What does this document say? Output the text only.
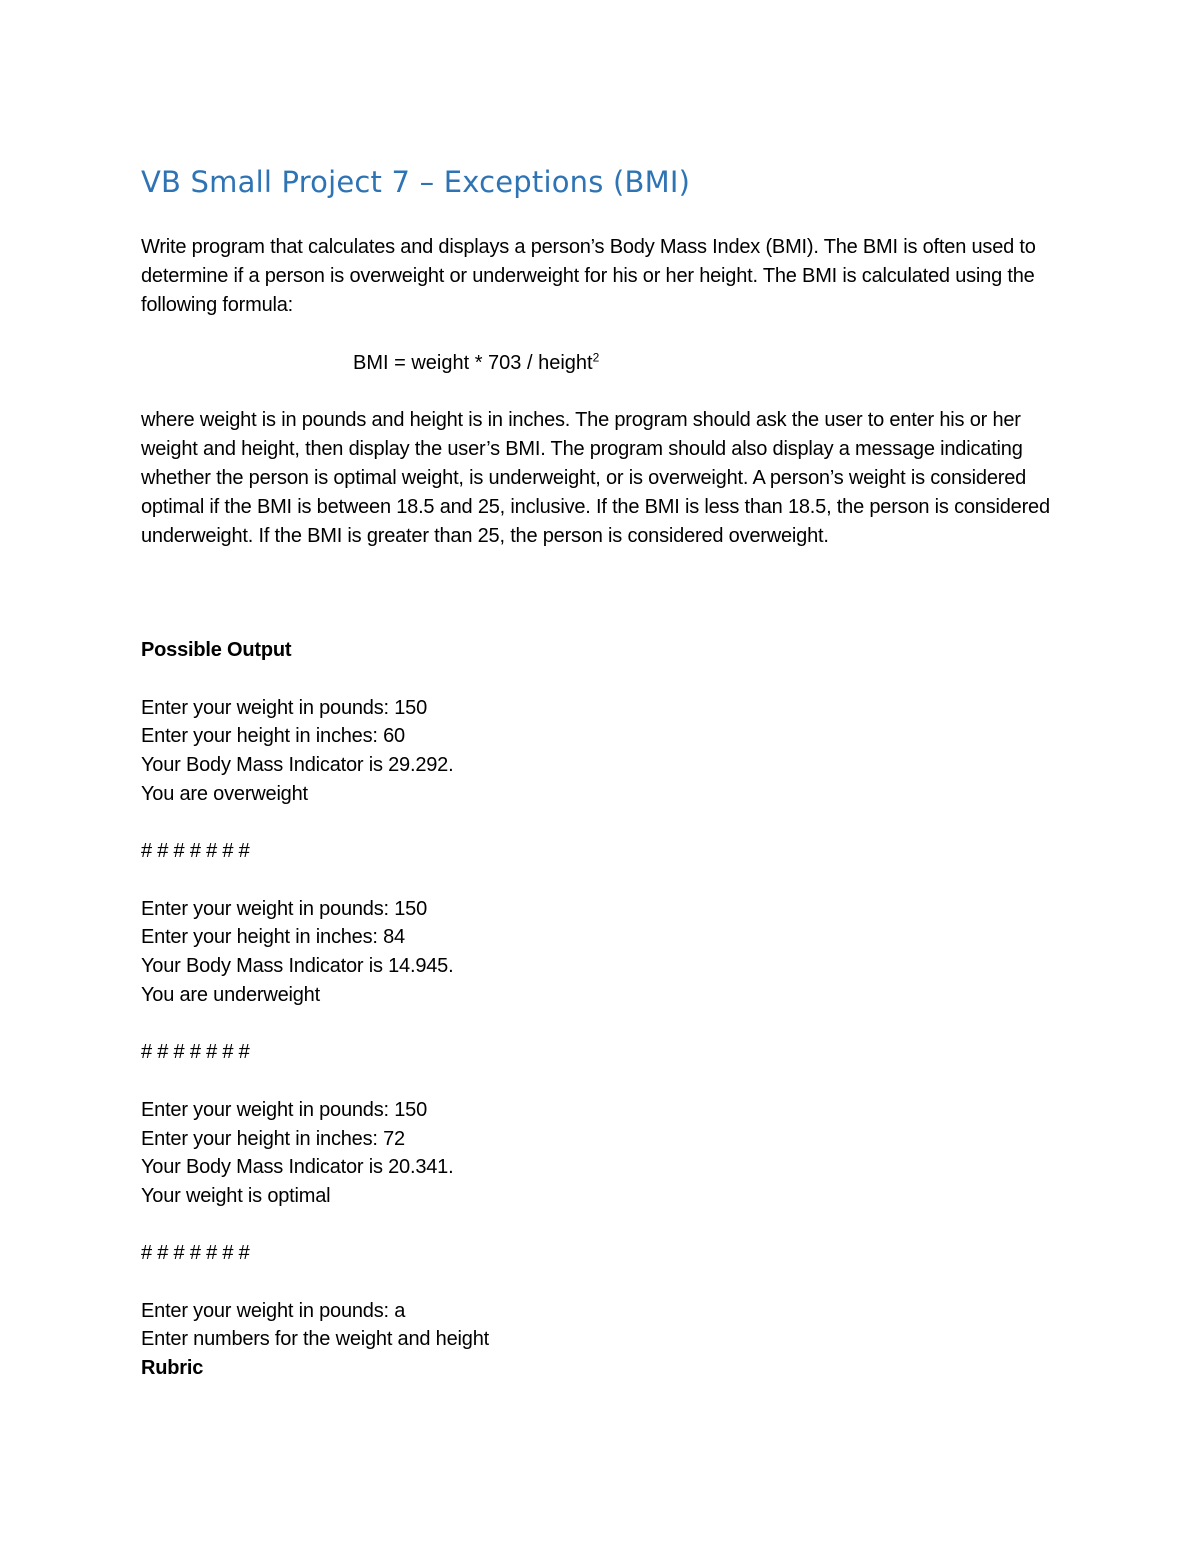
VB Small Project 7 – Exceptions (BMI)
Write program that calculates and displays a person’s Body Mass Index (BMI). The BMI is often used to determine if a person is overweight or underweight for his or her height. The BMI is calculated using the following formula:
BMI = weight * 703 / height$^2$
where weight is in pounds and height is in inches. The program should ask the user to enter his or her weight and height, then display the user’s BMI. The program should also display a message indicating whether the person is optimal weight, is underweight, or is overweight. A person’s weight is considered optimal if the BMI is between 18.5 and 25, inclusive. If the BMI is less than 18.5, the person is considered underweight. If the BMI is greater than 25, the person is considered overweight.
Possible Output
Enter your weight in pounds: 150
Enter your height in inches: 60
Your Body Mass Indicator is 29.292.
You are overweight
# # # # # # #
Enter your weight in pounds: 150
Enter your height in inches: 84
Your Body Mass Indicator is 14.945.
You are underweight
# # # # # # #
Enter your weight in pounds: 150
Enter your height in inches: 72
Your Body Mass Indicator is 20.341.
Your weight is optimal
# # # # # # #
Enter your weight in pounds: a
Enter numbers for the weight and height
Rubric
